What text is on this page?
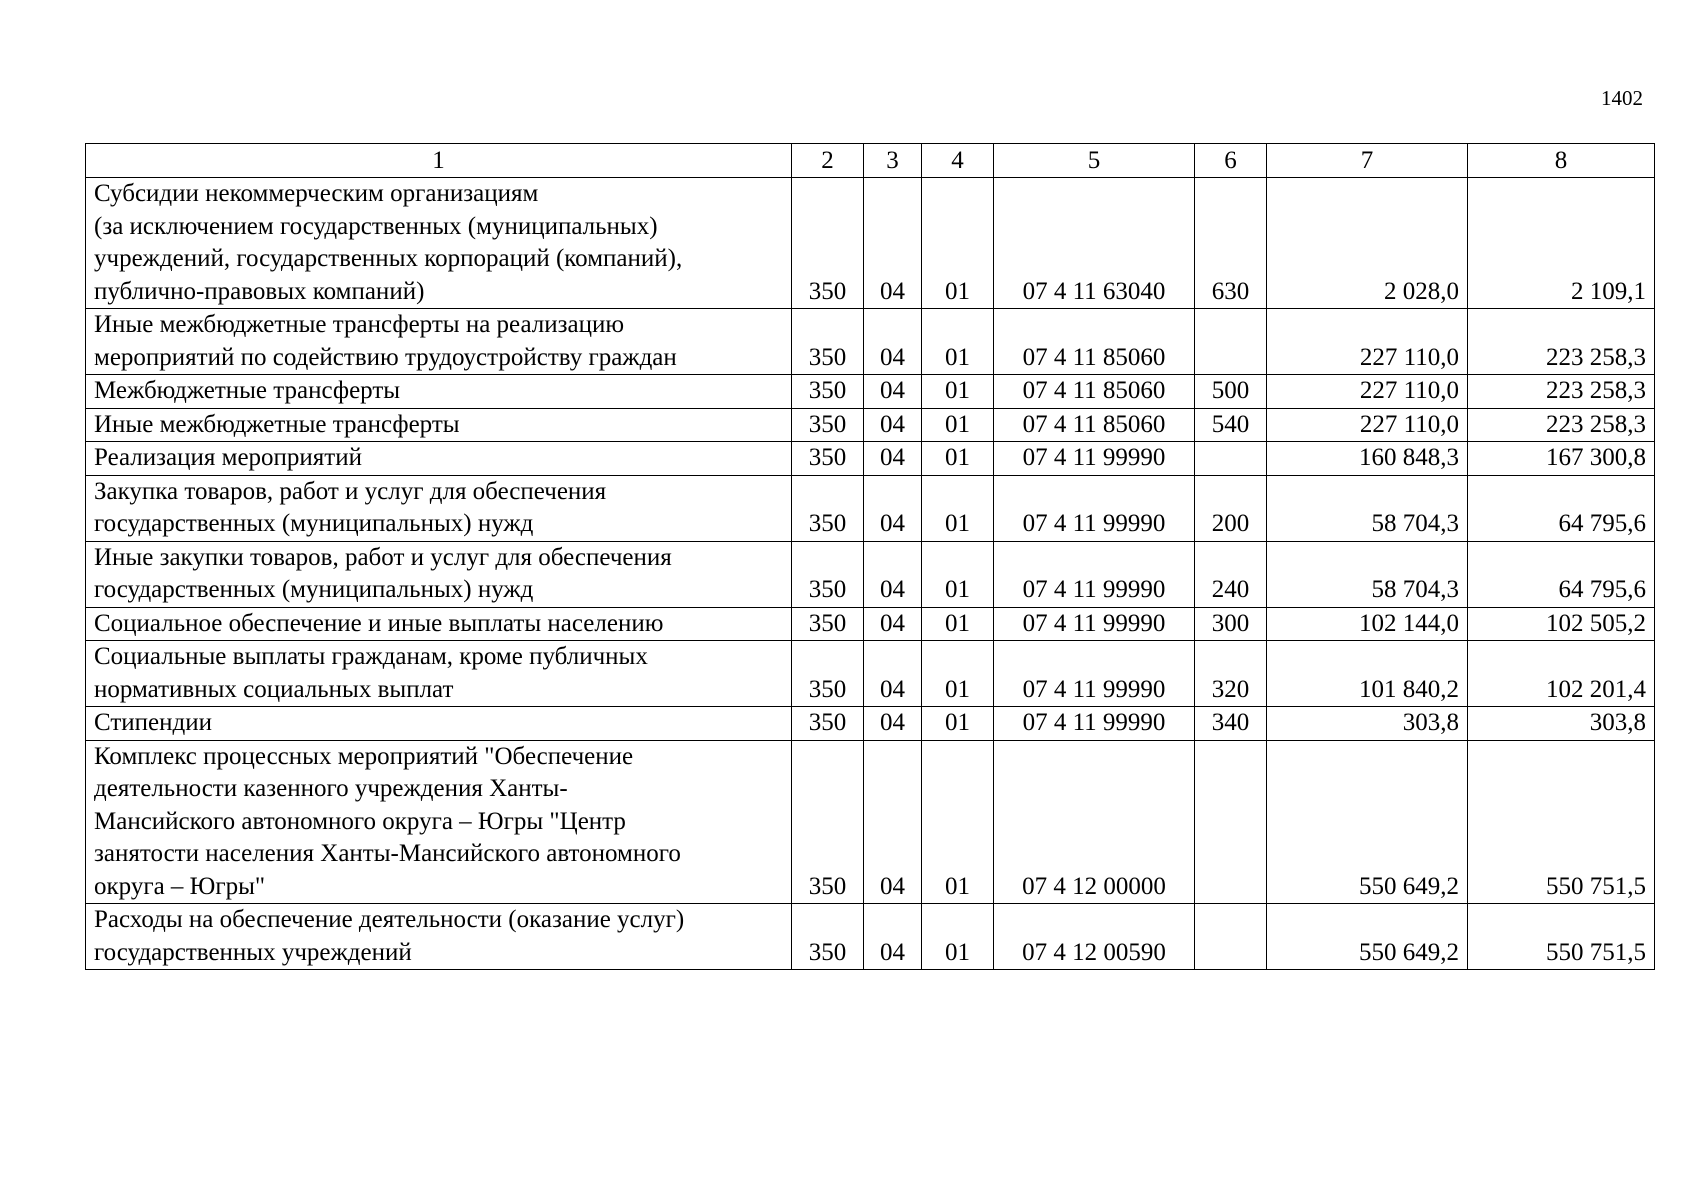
1402
1	2	3	4	5	6	7	8
Субсидии некоммерческим организациям
(за исключением государственных (муниципальных)
учреждений, государственных корпораций (компаний),
публично-правовых компаний)	350	04	01	07 4 11 63040	630	2 028,0	2 109,1
Иные межбюджетные трансферты на реализацию
мероприятий по содействию трудоустройству граждан	350	04	01	07 4 11 85060		227 110,0	223 258,3
Межбюджетные трансферты	350	04	01	07 4 11 85060	500	227 110,0	223 258,3
Иные межбюджетные трансферты	350	04	01	07 4 11 85060	540	227 110,0	223 258,3
Реализация мероприятий	350	04	01	07 4 11 99990		160 848,3	167 300,8
Закупка товаров, работ и услуг для обеспечения
государственных (муниципальных) нужд	350	04	01	07 4 11 99990	200	58 704,3	64 795,6
Иные закупки товаров, работ и услуг для обеспечения
государственных (муниципальных) нужд	350	04	01	07 4 11 99990	240	58 704,3	64 795,6
Социальное обеспечение и иные выплаты населению	350	04	01	07 4 11 99990	300	102 144,0	102 505,2
Социальные выплаты гражданам, кроме публичных
нормативных социальных выплат	350	04	01	07 4 11 99990	320	101 840,2	102 201,4
Стипендии	350	04	01	07 4 11 99990	340	303,8	303,8
Комплекс процессных мероприятий "Обеспечение
деятельности казенного учреждения Ханты-
Мансийского автономного округа – Югры "Центр
занятости населения Ханты-Мансийского автономного
округа – Югры"	350	04	01	07 4 12 00000		550 649,2	550 751,5
Расходы на обеспечение деятельности (оказание услуг)
государственных учреждений	350	04	01	07 4 12 00590		550 649,2	550 751,5
